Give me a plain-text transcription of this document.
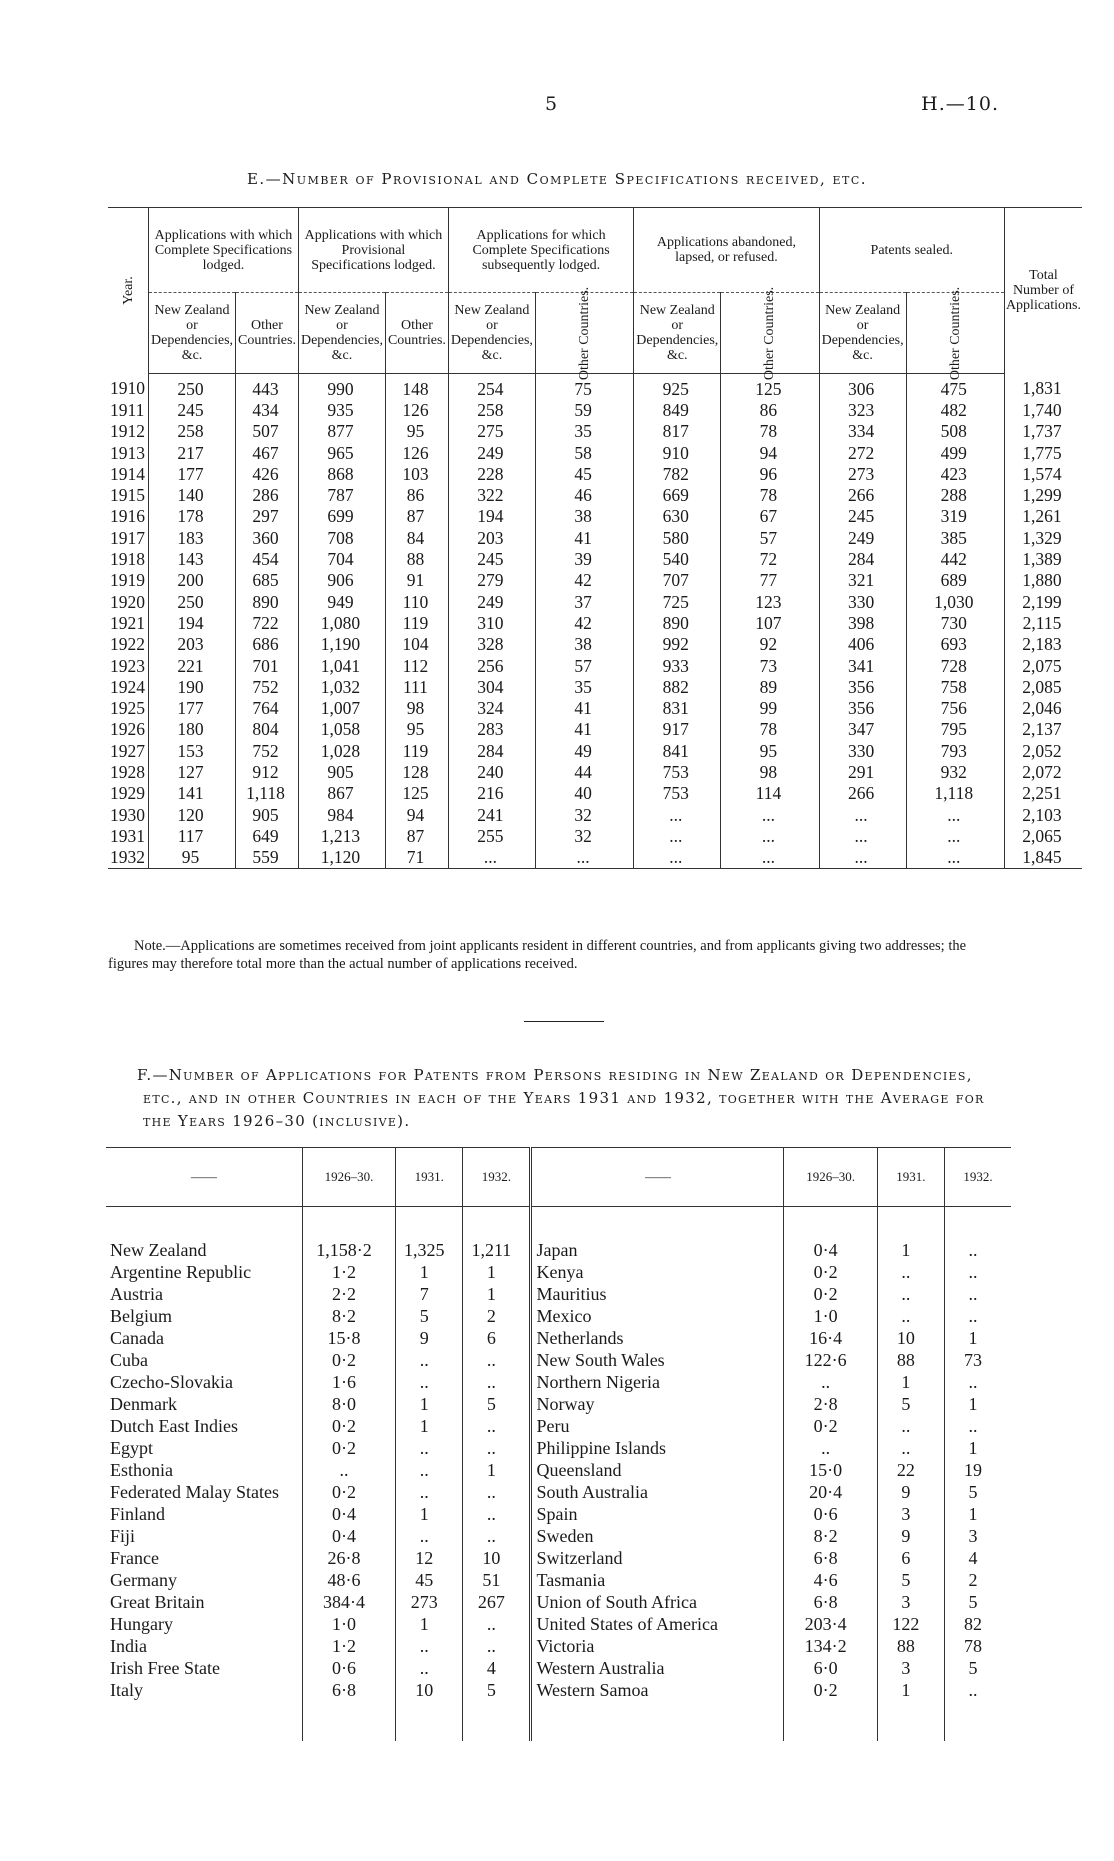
5	H.—10.
E.—Number of Provisional and Complete Specifications received, etc.
Year.	Applications with which Complete Specifications lodged.		Applications with which Provisional Specifications lodged.		Applications for which Complete Specifications subsequently lodged.		Applications abandoned, lapsed, or refused.		Patents sealed.		Total Number of Applications.
	New Zealand or Dependencies, &c.	Other Countries.	New Zealand or Dependencies, &c.	Other Countries.	New Zealand or Dependencies, &c.	Other Countries.	New Zealand or Dependencies, &c.	Other Countries.	New Zealand or Dependencies, &c.	Other Countries.	
1910	250	443	990	148	254	75	925	125	306	475	1,831
1911	245	434	935	126	258	59	849	86	323	482	1,740
1912	258	507	877	95	275	35	817	78	334	508	1,737
1913	217	467	965	126	249	58	910	94	272	499	1,775
1914	177	426	868	103	228	45	782	96	273	423	1,574
1915	140	286	787	86	322	46	669	78	266	288	1,299
1916	178	297	699	87	194	38	630	67	245	319	1,261
1917	183	360	708	84	203	41	580	57	249	385	1,329
1918	143	454	704	88	245	39	540	72	284	442	1,389
1919	200	685	906	91	279	42	707	77	321	689	1,880
1920	250	890	949	110	249	37	725	123	330	1,030	2,199
1921	194	722	1,080	119	310	42	890	107	398	730	2,115
1922	203	686	1,190	104	328	38	992	92	406	693	2,183
1923	221	701	1,041	112	256	57	933	73	341	728	2,075
1924	190	752	1,032	111	304	35	882	89	356	758	2,085
1925	177	764	1,007	98	324	41	831	99	356	756	2,046
1926	180	804	1,058	95	283	41	917	78	347	795	2,137
1927	153	752	1,028	119	284	49	841	95	330	793	2,052
1928	127	912	905	128	240	44	753	98	291	932	2,072
1929	141	1,118	867	125	216	40	753	114	266	1,118	2,251
1930	120	905	984	94	241	32	...	...	...	...	2,103
1931	117	649	1,213	87	255	32	...	...	...	...	2,065
1932	95	559	1,120	71	...	...	...	...	...	...	1,845
Note.—Applications are sometimes received from joint applicants resident in different countries, and from applicants giving two addresses; the figures may therefore total more than the actual number of applications received.
F.—Number of Applications for Patents from Persons residing in New Zealand or Dependencies, etc., and in other Countries in each of the Years 1931 and 1932, together with the Average for the Years 1926–30 (inclusive).
——	1926–30.	1931.	1932.	——	1926–30.	1931.	1932.
New Zealand	1,158·2	1,325	1,211	Japan	0·4	1	..
Argentine Republic	1·2	1	1	Kenya	0·2	..	..
Austria	2·2	7	1	Mauritius	0·2	..	..
Belgium	8·2	5	2	Mexico	1·0	..	..
Canada	15·8	9	6	Netherlands	16·4	10	1
Cuba	0·2	..	..	New South Wales	122·6	88	73
Czecho-Slovakia	1·6	..	..	Northern Nigeria	..	1	..
Denmark	8·0	1	5	Norway	2·8	5	1
Dutch East Indies	0·2	1	..	Peru	0·2	..	..
Egypt	0·2	..	..	Philippine Islands	..	..	1
Esthonia	..	..	1	Queensland	15·0	22	19
Federated Malay States	0·2	..	..	South Australia	20·4	9	5
Finland	0·4	1	..	Spain	0·6	3	1
Fiji	0·4	..	..	Sweden	8·2	9	3
France	26·8	12	10	Switzerland	6·8	6	4
Germany	48·6	45	51	Tasmania	4·6	5	2
Great Britain	384·4	273	267	Union of South Africa	6·8	3	5
Hungary	1·0	1	..	United States of America	203·4	122	82
India	1·2	..	..	Victoria	134·2	88	78
Irish Free State	0·6	..	4	Western Australia	6·0	3	5
Italy	6·8	10	5	Western Samoa	0·2	1	..
